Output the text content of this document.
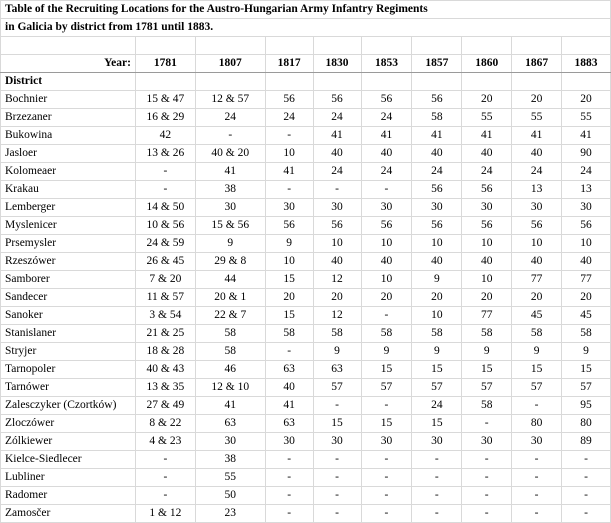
Table of the Recruiting Locations for the Austro-Hungarian Army Infantry Regiments									
in Galicia by district from 1781 until 1883.									

Year:	1781	1807	1817	1830	1853	1857	1860	1867	1883
District									
Bochnier	15 & 47	12 & 57	56	56	56	56	20	20	20
Brzezaner	16 & 29	24	24	24	24	58	55	55	55
Bukowina	42	-	-	41	41	41	41	41	41
Jasloer	13 & 26	40 & 20	10	40	40	40	40	40	90
Kolomeaer	-	41	41	24	24	24	24	24	24
Krakau	-	38	-	-	-	56	56	13	13
Lemberger	14 & 50	30	30	30	30	30	30	30	30
Myslenicer	10 & 56	15 & 56	56	56	56	56	56	56	56
Prsemysler	24 & 59	9	9	10	10	10	10	10	10
Rzeszówer	26 & 45	29 & 8	10	40	40	40	40	40	40
Samborer	7 & 20	44	15	12	10	9	10	77	77
Sandecer	11 & 57	20 & 1	20	20	20	20	20	20	20
Sanoker	3 & 54	22 & 7	15	12	-	10	77	45	45
Stanislaner	21 & 25	58	58	58	58	58	58	58	58
Stryjer	18 & 28	58	-	9	9	9	9	9	9
Tarnopoler	40 & 43	46	63	63	15	15	15	15	15
Tarnówer	13 & 35	12 & 10	40	57	57	57	57	57	57
Zalesczyker (Czortków)	27 & 49	41	41	-	-	24	58	-	95
Zloczówer	8 & 22	63	63	15	15	15	-	80	80
Zólkiewer	4 & 23	30	30	30	30	30	30	30	89
Kielce-Siedlecer	-	38	-	-	-	-	-	-	-
Lubliner	-	55	-	-	-	-	-	-	-
Radomer	-	50	-	-	-	-	-	-	-
Zamosčer	1 & 12	23	-	-	-	-	-	-	-
